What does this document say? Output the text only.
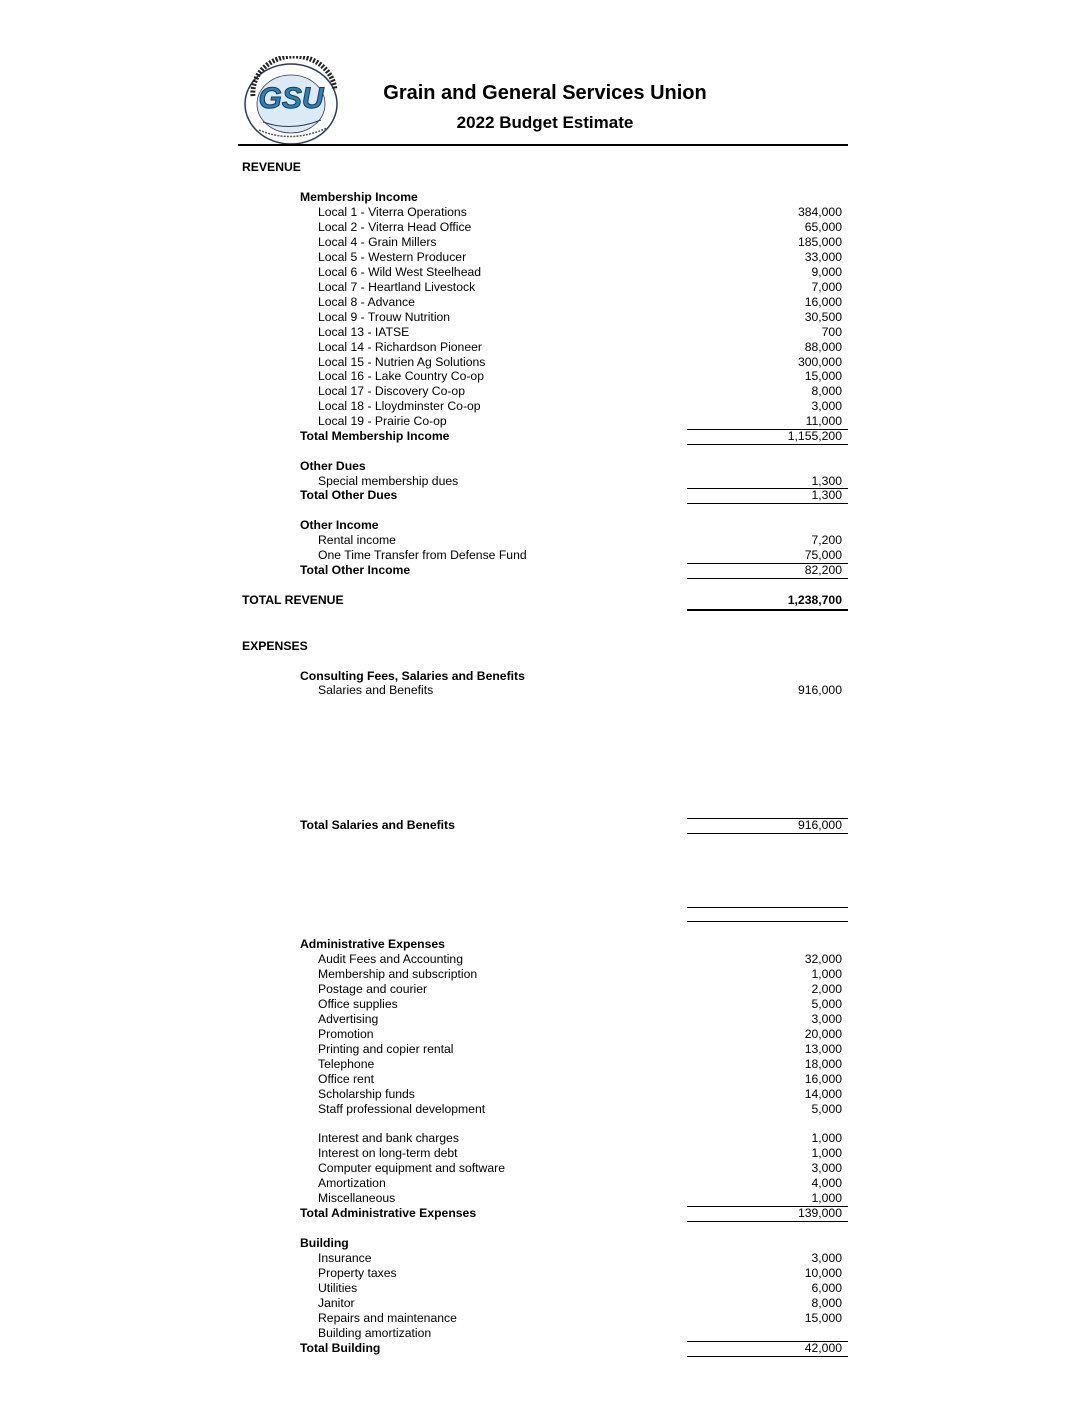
GSU	Grain and General Services Union
2022 Budget Estimate
REVENUE
Membership Income
Local 1 - Viterra Operations	384,000
Local 2 - Viterra Head Office	65,000
Local 4 - Grain Millers	185,000
Local 5 - Western Producer	33,000
Local 6 - Wild West Steelhead	9,000
Local 7 - Heartland Livestock	7,000
Local 8 - Advance	16,000
Local 9 - Trouw Nutrition	30,500
Local 13 - IATSE	700
Local 14 - Richardson Pioneer	88,000
Local 15 - Nutrien Ag Solutions	300,000
Local 16 - Lake Country Co-op	15,000
Local 17 - Discovery Co-op	8,000
Local 18 - Lloydminster Co-op	3,000
Local 19 - Prairie Co-op	11,000
Total Membership Income	1,155,200
Other Dues
Special membership dues	1,300
Total Other Dues	1,300
Other Income
Rental income	7,200
One Time Transfer from Defense Fund	75,000
Total Other Income	82,200
TOTAL REVENUE	1,238,700
EXPENSES
Consulting Fees, Salaries and Benefits
Salaries and Benefits	916,000
Total Salaries and Benefits	916,000
Administrative Expenses
Audit Fees and Accounting	32,000
Membership and subscription	1,000
Postage and courier	2,000
Office supplies	5,000
Advertising	3,000
Promotion	20,000
Printing and copier rental	13,000
Telephone	18,000
Office rent	16,000
Scholarship funds	14,000
Staff professional development	5,000
Interest and bank charges	1,000
Interest on long-term debt	1,000
Computer equipment and software	3,000
Amortization	4,000
Miscellaneous	1,000
Total Administrative Expenses	139,000
Building
Insurance	3,000
Property taxes	10,000
Utilities	6,000
Janitor	8,000
Repairs and maintenance	15,000
Building amortization
Total Building	42,000
